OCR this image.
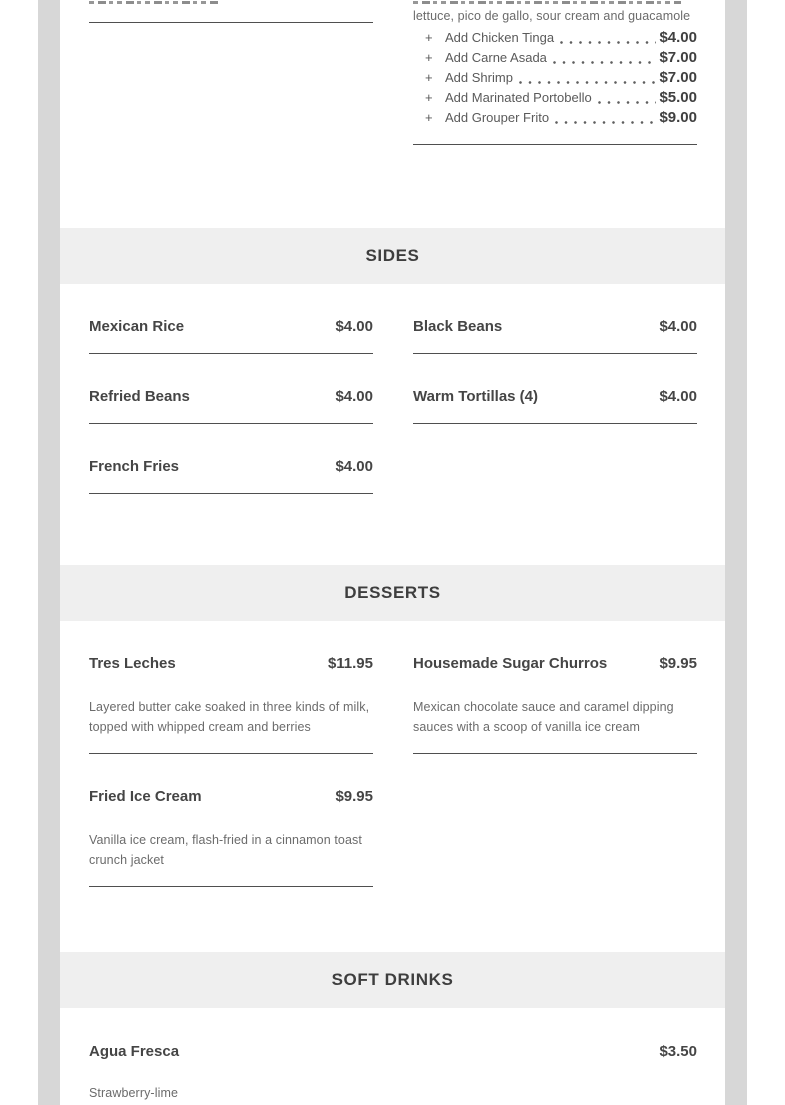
lettuce, pico de gallo, sour cream and guacamole

+ Add Chicken Tinga	$4.00
+ Add Carne Asada	$7.00
+ Add Shrimp	$7.00
+ Add Marinated Portobello	$5.00
+ Add Grouper Frito	$9.00
SIDES
Mexican Rice	$4.00	Black Beans	$4.00
Refried Beans	$4.00	Warm Tortillas (4)	$4.00
French Fries	$4.00
DESSERTS
Tres Leches	$11.95

Layered butter cake soaked in three kinds of milk, topped with whipped cream and berries

Housemade Sugar Churros	$9.95

Mexican chocolate sauce and caramel dipping sauces with a scoop of vanilla ice cream

Fried Ice Cream	$9.95

Vanilla ice cream, flash-fried in a cinnamon toast crunch jacket

SOFT DRINKS
Agua Fresca	$3.50

Strawberry-lime
